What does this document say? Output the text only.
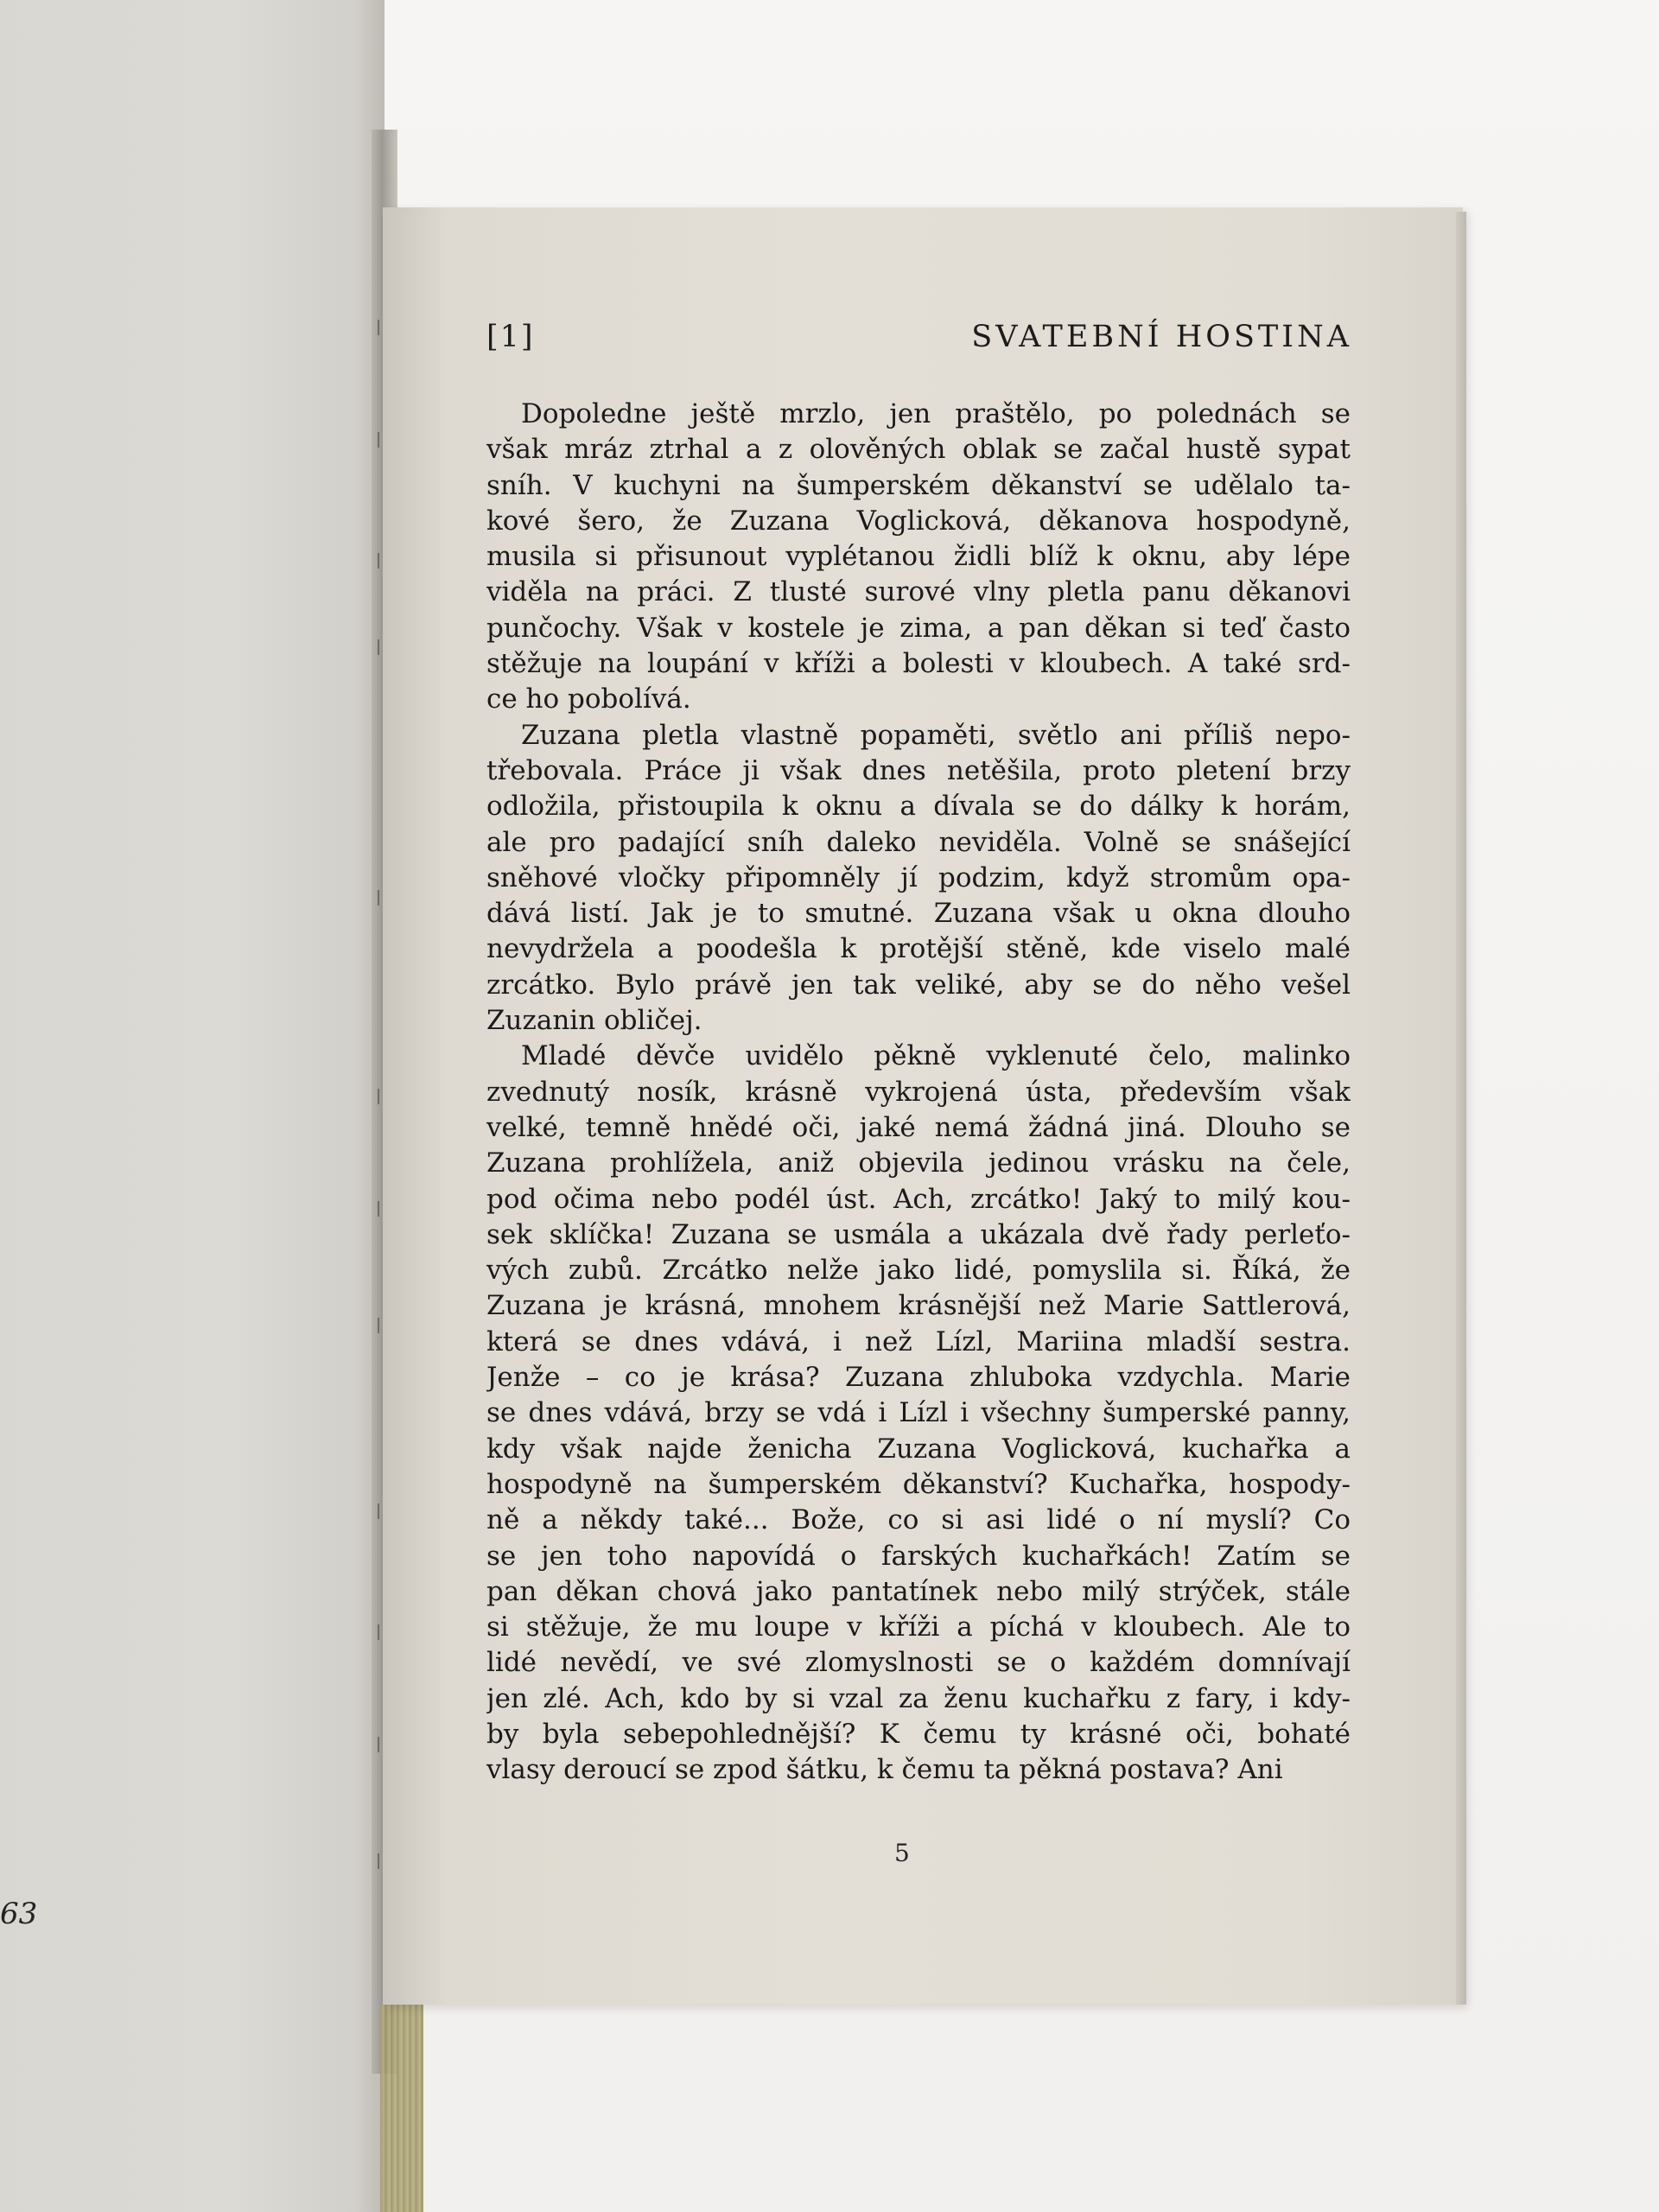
63
[1]	SVATEBNÍ HOSTINA
Dopoledne ještě mrzlo, jen praštělo, po polednách se
však mráz ztrhal a z olověných oblak se začal hustě sypat
sníh. V kuchyni na šumperském děkanství se udělalo ta-
kové šero, že Zuzana Voglicková, děkanova hospodyně,
musila si přisunout vyplétanou židli blíž k oknu, aby lépe
viděla na práci. Z tlusté surové vlny pletla panu děkanovi
punčochy. Však v kostele je zima, a pan děkan si teď často
stěžuje na loupání v kříži a bolesti v kloubech. A také srd-
ce ho pobolívá.
Zuzana pletla vlastně popaměti, světlo ani příliš nepo-
třebovala. Práce ji však dnes netěšila, proto pletení brzy
odložila, přistoupila k oknu a dívala se do dálky k horám,
ale pro padající sníh daleko neviděla. Volně se snášející
sněhové vločky připomněly jí podzim, když stromům opa-
dává listí. Jak je to smutné. Zuzana však u okna dlouho
nevydržela a poodešla k protější stěně, kde viselo malé
zrcátko. Bylo právě jen tak veliké, aby se do něho vešel
Zuzanin obličej.
Mladé děvče uvidělo pěkně vyklenuté čelo, malinko
zvednutý nosík, krásně vykrojená ústa, především však
velké, temně hnědé oči, jaké nemá žádná jiná. Dlouho se
Zuzana prohlížela, aniž objevila jedinou vrásku na čele,
pod očima nebo podél úst. Ach, zrcátko! Jaký to milý kou-
sek sklíčka! Zuzana se usmála a ukázala dvě řady perleťo-
vých zubů. Zrcátko nelže jako lidé, pomyslila si. Říká, že
Zuzana je krásná, mnohem krásnější než Marie Sattlerová,
která se dnes vdává, i než Lízl, Mariina mladší sestra.
Jenže – co je krása? Zuzana zhluboka vzdychla. Marie
se dnes vdává, brzy se vdá i Lízl i všechny šumperské panny,
kdy však najde ženicha Zuzana Voglicková, kuchařka a
hospodyně na šumperském děkanství? Kuchařka, hospody-
ně a někdy také... Bože, co si asi lidé o ní myslí? Co
se jen toho napovídá o farských kuchařkách! Zatím se
pan děkan chová jako pantatínek nebo milý strýček, stále
si stěžuje, že mu loupe v kříži a píchá v kloubech. Ale to
lidé nevědí, ve své zlomyslnosti se o každém domnívají
jen zlé. Ach, kdo by si vzal za ženu kuchařku z fary, i kdy-
by byla sebepohlednější? K čemu ty krásné oči, bohaté
vlasy deroucí se zpod šátku, k čemu ta pěkná postava? Ani
5
